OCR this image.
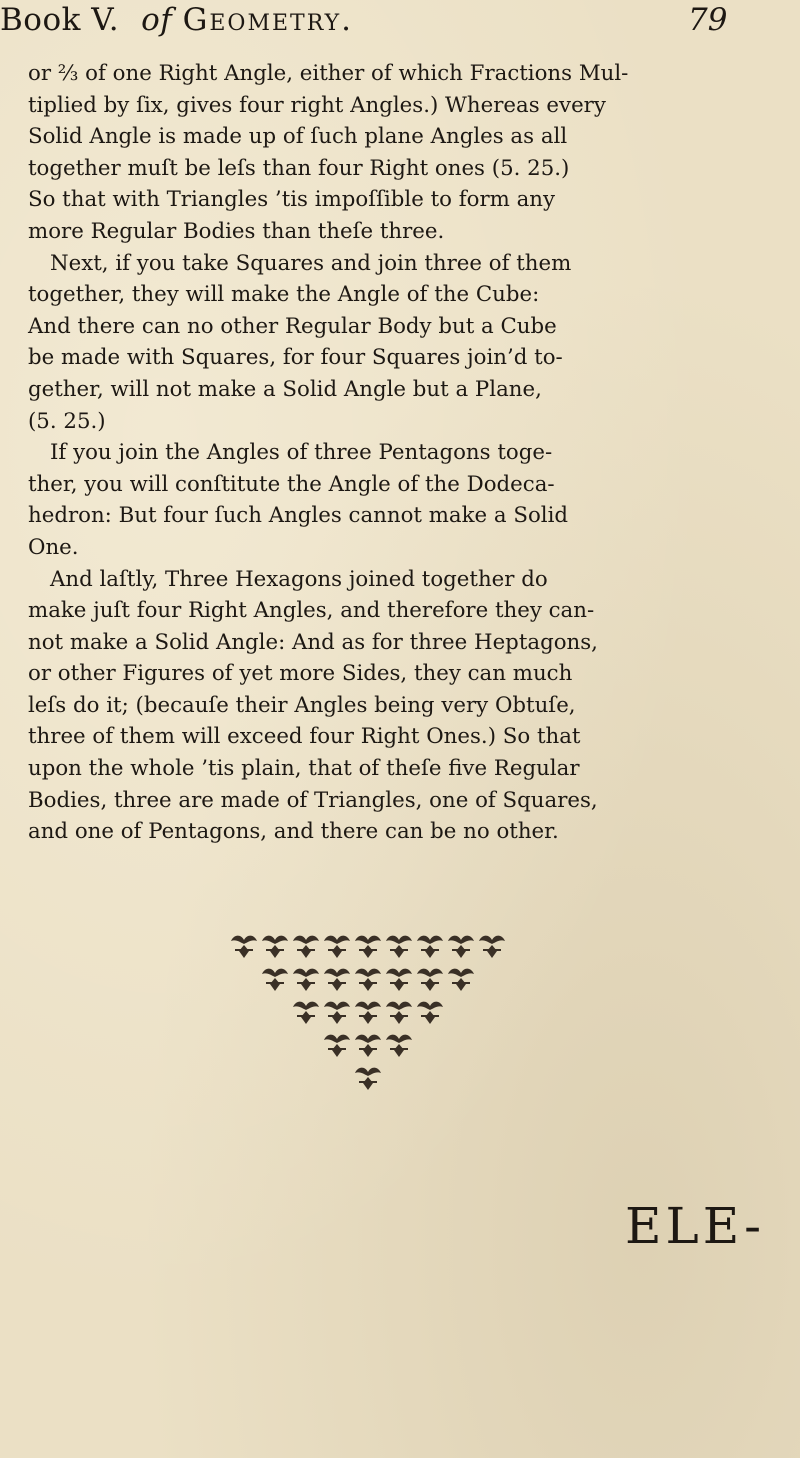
Book V. of Geometry.	79
or ⅔ of one Right Angle, either of which Fractions Mul-
tiplied by ſix, gives four right Angles.) Whereas every
Solid Angle is made up of ſuch plane Angles as all
together muſt be leſs than four Right ones (5. 25.)
So that with Triangles ’tis impoſſible to form any
more Regular Bodies than theſe three.
Next, if you take Squares and join three of them
together, they will make the Angle of the Cube:
And there can no other Regular Body but a Cube
be made with Squares, for four Squares join’d to-
gether, will not make a Solid Angle but a Plane,
(5. 25.)
If you join the Angles of three Pentagons toge-
ther, you will conſtitute the Angle of the Dodeca-
hedron: But four ſuch Angles cannot make a Solid
One.
And laſtly, Three Hexagons joined together do
make juſt four Right Angles, and therefore they can-
not make a Solid Angle: And as for three Heptagons,
or other Figures of yet more Sides, they can much
leſs do it; (becauſe their Angles being very Obtuſe,
three of them will exceed four Right Ones.) So that
upon the whole ’tis plain, that of theſe five Regular
Bodies, three are made of Triangles, one of Squares,
and one of Pentagons, and there can be no other.
ELE-
